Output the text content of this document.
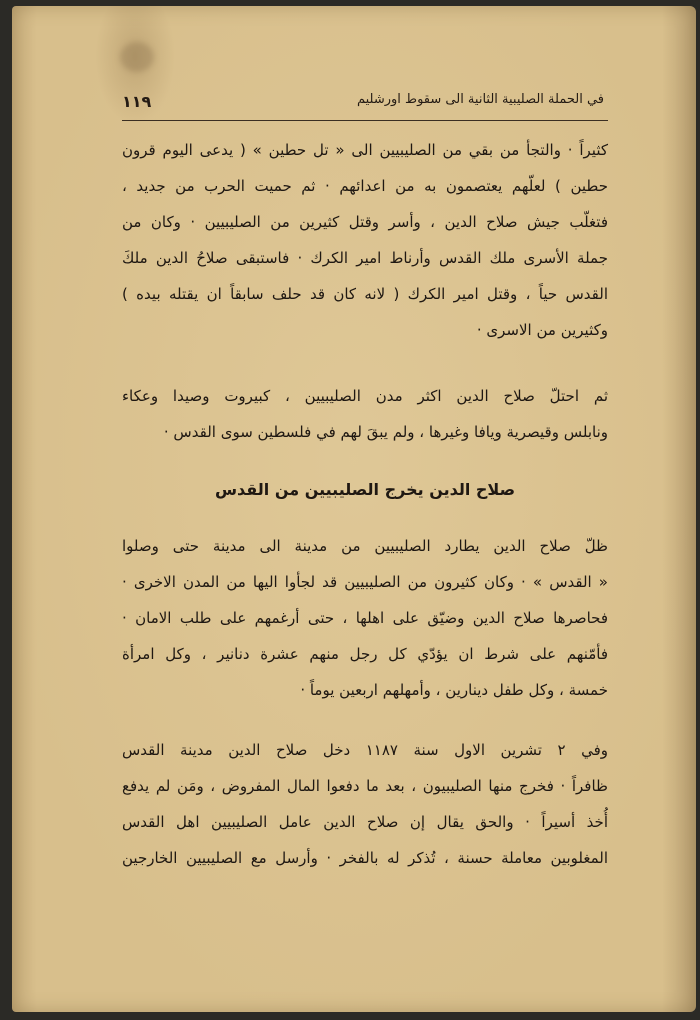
١١٩	في الحملة الصليبية الثانية الى سقوط اورشليم
كثيراً · والتجأ من بقي من الصليبيين الى « تل حطين » ( يدعى اليوم قرون
حطين ) لعلّهم يعتصمون به من اعدائهم · ثم حميت الحرب من جديد ،
فتغلّب جيش صلاح الدين ، وأسر وقتل كثيرين من الصليبيين · وكان من
جملة الأسرى ملك القدس وأرناط امير الكرك · فاستبقى صلاحُ الدين ملكَ
القدس حياً ، وقتل امير الكرك ( لانه كان قد حلف سابقاً ان يقتله بيده )
وكثيرين من الاسرى ·
ثم احتلّ صلاح الدين اكثر مدن الصليبيين ، كبيروت وصيدا وعكاء
ونابلس وقيصرية ويافا وغيرها ، ولم يبقَ لهم في فلسطين سوى القدس ·
صلاح الدين يخرج الصليبيين من القدس
ظلّ صلاح الدين يطارد الصليبيين من مدينة الى مدينة حتى وصلوا
« القدس » · وكان كثيرون من الصليبيين قد لجأوا اليها من المدن الاخرى ·
فحاصرها صلاح الدين وضيّق على اهلها ، حتى أرغمهم على طلب الامان ·
فأمّنهم على شرط ان يؤدّي كل رجل منهم عشرة دنانير ، وكل امرأة
خمسة ، وكل طفل دينارين ، وأمهلهم اربعين يوماً ·
وفي ٢ تشرين الاول سنة ١١٨٧ دخل صلاح الدين مدينة القدس
ظافراً · فخرج منها الصليبيون ، بعد ما دفعوا المال المفروض ، ومَن لم يدفع
أُخذ أسيراً · والحق يقال إن صلاح الدين عامل الصليبيين اهل القدس
المغلوبين معاملة حسنة ، تُذكر له بالفخر · وأرسل مع الصليبيين الخارجين
